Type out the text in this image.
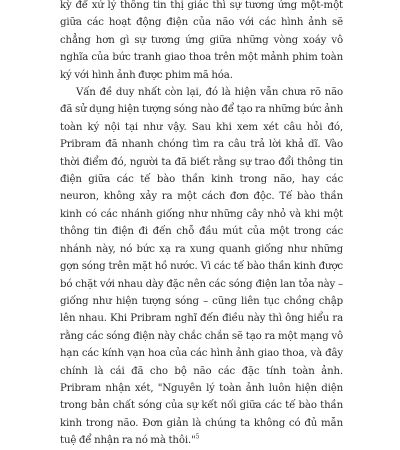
kỳ để xử lý thông tin thị giác thì sự tương ứng một-một giữa các hoạt động điện của não với các hình ảnh sẽ chẳng hơn gì sự tương ứng giữa những vòng xoáy vô nghĩa của bức tranh giao thoa trên một mảnh phim toàn ký với hình ảnh được phim mã hóa.

Vấn đề duy nhất còn lại, đó là hiện vẫn chưa rõ não đã sử dụng hiện tượng sóng nào để tạo ra những bức ảnh toàn ký nội tại như vậy. Sau khi xem xét câu hỏi đó, Pribram đã nhanh chóng tìm ra câu trả lời khả dĩ. Vào thời điểm đó, người ta đã biết rằng sự trao đổi thông tin điện giữa các tế bào thần kinh trong não, hay các neuron, không xảy ra một cách đơn độc. Tế bào thần kinh có các nhánh giống như những cây nhỏ và khi một thông tin điện đi đến chỗ đầu mút của một trong các nhánh này, nó bức xạ ra xung quanh giống như những gợn sóng trên mặt hồ nước. Vì các tế bào thần kinh được bó chặt với nhau dày đặc nên các sóng điện lan tỏa này – giống như hiện tượng sóng – cũng liên tục chồng chập lên nhau. Khi Pribram nghĩ đến điều này thì ông hiểu ra rằng các sóng điện này chắc chắn sẽ tạo ra một mạng vô hạn các kính vạn hoa của các hình ảnh giao thoa, và đây chính là cái đã cho bộ não các đặc tính toàn ảnh. Pribram nhận xét, "Nguyên lý toàn ảnh luôn hiện diện trong bản chất sóng của sự kết nối giữa các tế bào thần kinh trong não. Đơn giản là chúng ta không có đủ mẫn tuệ để nhận ra nó mà thôi."$^5$
